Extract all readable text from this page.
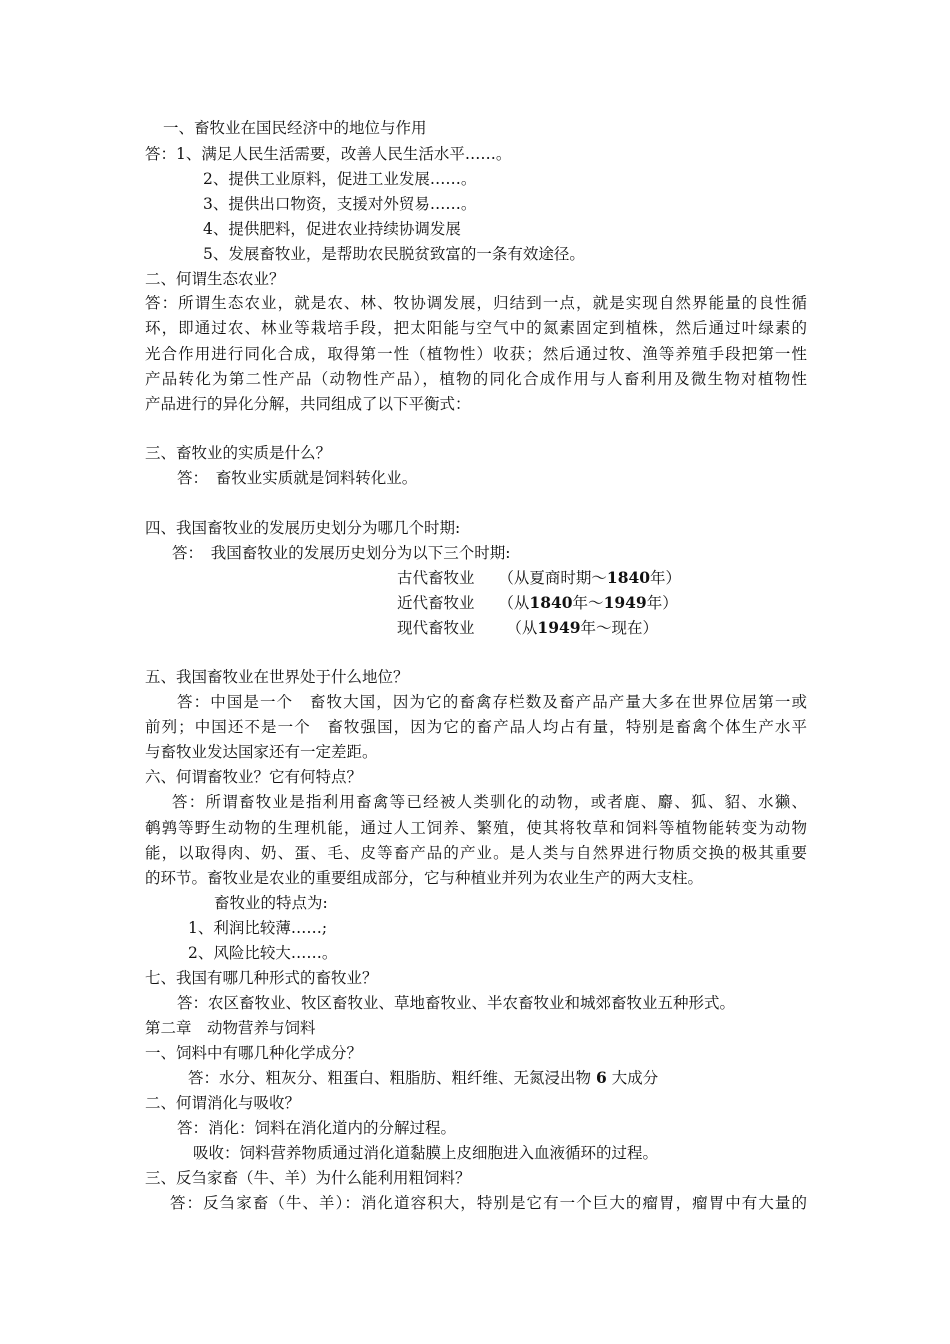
一、畜牧业在国民经济中的地位与作用
答：1、满足人民生活需要，改善人民生活水平……。
2、提供工业原料，促进工业发展……。
3、提供出口物资，支援对外贸易……。
4、提供肥料，促进农业持续协调发展
5、发展畜牧业，是帮助农民脱贫致富的一条有效途径。
二、何谓生态农业？
答：所谓生态农业，就是农、林、牧协调发展，归结到一点，就是实现自然界能量的良性循
环，即通过农、林业等栽培手段，把太阳能与空气中的氮素固定到植株，然后通过叶绿素的
光合作用进行同化合成，取得第一性（植物性）收获；然后通过牧、渔等养殖手段把第一性
产品转化为第二性产品（动物性产品），植物的同化合成作用与人畜利用及微生物对植物性
产品进行的异化分解，共同组成了以下平衡式：
三、畜牧业的实质是什么？
答：　畜牧业实质就是饲料转化业。
四、我国畜牧业的发展历史划分为哪几个时期:
答：　我国畜牧业的发展历史划分为以下三个时期:
古代畜牧业 （从夏商时期～1840年）
近代畜牧业 （从1840年～1949年）
现代畜牧业 （从1949年～现在）
五、我国畜牧业在世界处于什么地位？
答：中国是一个　畜牧大国，因为它的畜禽存栏数及畜产品产量大多在世界位居第一或
前列；中国还不是一个　畜牧强国，因为它的畜产品人均占有量，特别是畜禽个体生产水平
与畜牧业发达国家还有一定差距。
六、何谓畜牧业？它有何特点？
答：所谓畜牧业是指利用畜禽等已经被人类驯化的动物，或者鹿、麝、狐、貂、水獭、
鹌鹑等野生动物的生理机能，通过人工饲养、繁殖，使其将牧草和饲料等植物能转变为动物
能，以取得肉、奶、蛋、毛、皮等畜产品的产业。是人类与自然界进行物质交换的极其重要
的环节。畜牧业是农业的重要组成部分，它与种植业并列为农业生产的两大支柱。
畜牧业的特点为:
1、利润比较薄……;
2、风险比较大……。
七、我国有哪几种形式的畜牧业？
答：农区畜牧业、牧区畜牧业、草地畜牧业、半农畜牧业和城郊畜牧业五种形式。
第二章　动物营养与饲料
一、饲料中有哪几种化学成分？
答：水分、粗灰分、粗蛋白、粗脂肪、粗纤维、无氮浸出物 6 大成分
二、何谓消化与吸收？
答：消化：饲料在消化道内的分解过程。
吸收：饲料营养物质通过消化道黏膜上皮细胞进入血液循环的过程。
三、反刍家畜（牛、羊）为什么能利用粗饲料？
答：反刍家畜（牛、羊）：消化道容积大，特别是它有一个巨大的瘤胃，瘤胃中有大量的
